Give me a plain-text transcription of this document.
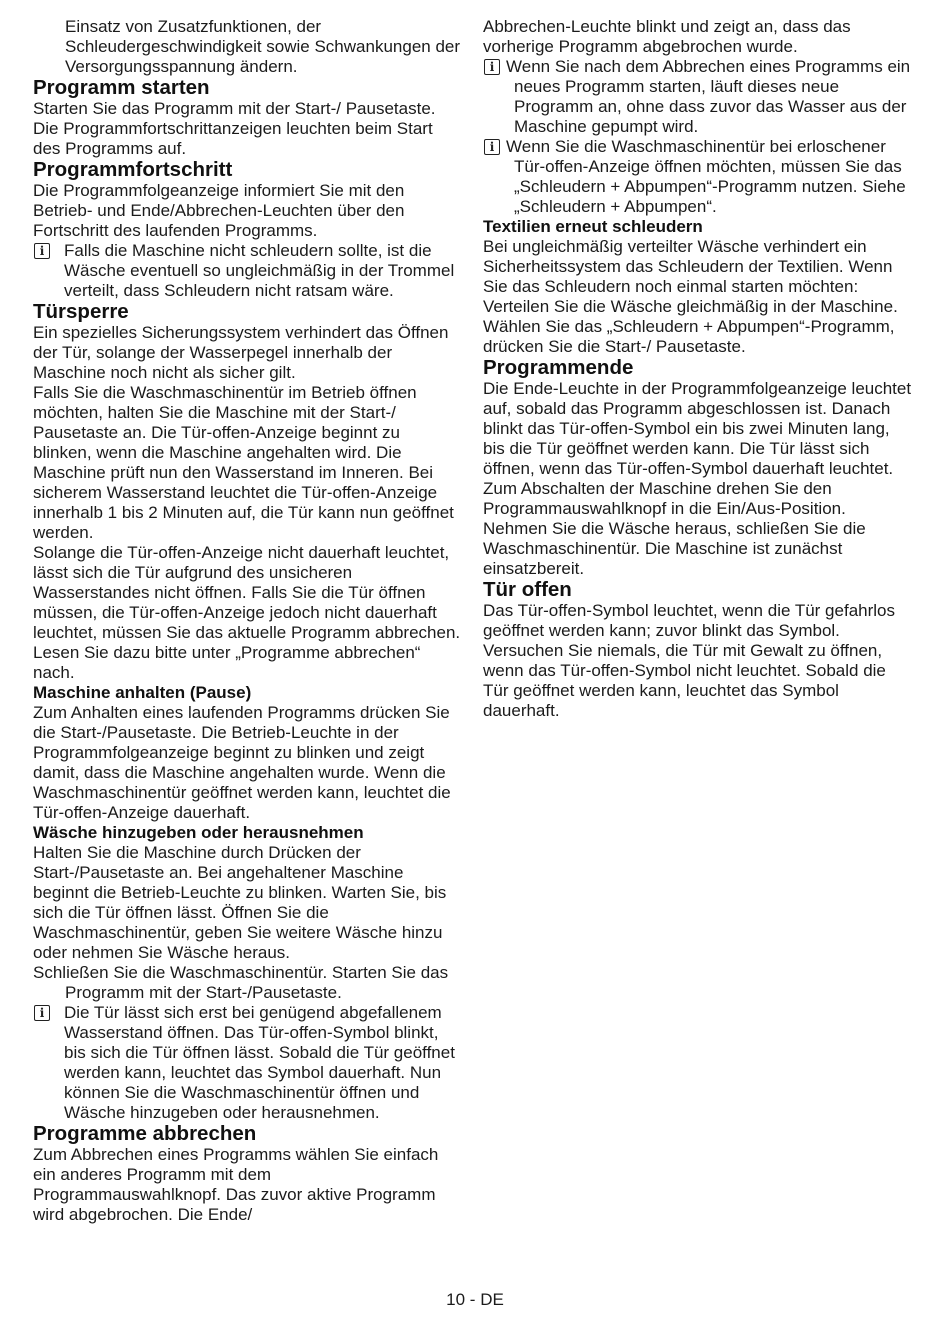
Einsatz von Zusatzfunktionen, der Schleudergeschwindigkeit sowie Schwankungen der Versorgungsspannung ändern.

Programm starten

Starten Sie das Programm mit der Start-/ Pausetaste. Die Programmfortschrittanzeigen leuchten beim Start des Programms auf.

Programmfortschritt

Die Programmfolgeanzeige informiert Sie mit den Betrieb- und Ende/Abbrechen-Leuchten über den Fortschritt des laufenden Programms.

i Falls die Maschine nicht schleudern sollte, ist die Wäsche eventuell so ungleichmäßig in der Trommel verteilt, dass Schleudern nicht ratsam wäre.

Türsperre

Ein spezielles Sicherungssystem verhindert das Öffnen der Tür, solange der Wasserpegel innerhalb der Maschine noch nicht als sicher gilt.

Falls Sie die Waschmaschinentür im Betrieb öffnen möchten, halten Sie die Maschine mit der Start-/ Pausetaste an. Die Tür-offen-Anzeige beginnt zu blinken, wenn die Maschine angehalten wird. Die Maschine prüft nun den Wasserstand im Inneren. Bei sicherem Wasserstand leuchtet die Tür-offen-Anzeige innerhalb 1 bis 2 Minuten auf, die Tür kann nun geöffnet werden.

Solange die Tür-offen-Anzeige nicht dauerhaft leuchtet, lässt sich die Tür aufgrund des unsicheren Wasserstandes nicht öffnen. Falls Sie die Tür öffnen müssen, die Tür-offen-Anzeige jedoch nicht dauerhaft leuchtet, müssen Sie das aktuelle Programm abbrechen. Lesen Sie dazu bitte unter „Programme abbrechen“ nach.

Maschine anhalten (Pause)

Zum Anhalten eines laufenden Programms drücken Sie die Start-/Pausetaste. Die Betrieb-Leuchte in der Programmfolgeanzeige beginnt zu blinken und zeigt damit, dass die Maschine angehalten wurde. Wenn die Waschmaschinentür geöffnet werden kann, leuchtet die Tür-offen-Anzeige dauerhaft.

Wäsche hinzugeben oder herausnehmen

Halten Sie die Maschine durch Drücken der Start-/Pausetaste an. Bei angehaltener Maschine beginnt die Betrieb-Leuchte zu blinken. Warten Sie, bis sich die Tür öffnen lässt. Öffnen Sie die Waschmaschinentür, geben Sie weitere Wäsche hinzu oder nehmen Sie Wäsche heraus.

Schließen Sie die Waschmaschinentür. Starten Sie das Programm mit der Start-/Pausetaste.

i Die Tür lässt sich erst bei genügend abgefallenem Wasserstand öffnen. Das Tür-offen-Symbol blinkt, bis sich die Tür öffnen lässt. Sobald die Tür geöffnet werden kann, leuchtet das Symbol dauerhaft. Nun können Sie die Waschmaschinentür öffnen und Wäsche hinzugeben oder herausnehmen.

Programme abbrechen

Zum Abbrechen eines Programms wählen Sie einfach ein anderes Programm mit dem Programmauswahlknopf. Das zuvor aktive Programm wird abgebrochen. Die Ende/

Abbrechen-Leuchte blinkt und zeigt an, dass das vorherige Programm abgebrochen wurde.

i Wenn Sie nach dem Abbrechen eines Programms ein neues Programm starten, läuft dieses neue Programm an, ohne dass zuvor das Wasser aus der Maschine gepumpt wird.

i Wenn Sie die Waschmaschinentür bei erloschener Tür-offen-Anzeige öffnen möchten, müssen Sie das „Schleudern + Abpumpen“-Programm nutzen. Siehe „Schleudern + Abpumpen“.

Textilien erneut schleudern

Bei ungleichmäßig verteilter Wäsche verhindert ein Sicherheitssystem das Schleudern der Textilien. Wenn Sie das Schleudern noch einmal starten möchten:

Verteilen Sie die Wäsche gleichmäßig in der Maschine. Wählen Sie das „Schleudern + Abpumpen“-Programm, drücken Sie die Start-/ Pausetaste.

Programmende

Die Ende-Leuchte in der Programmfolgeanzeige leuchtet auf, sobald das Programm abgeschlossen ist. Danach blinkt das Tür-offen-Symbol ein bis zwei Minuten lang, bis die Tür geöffnet werden kann. Die Tür lässt sich öffnen, wenn das Tür-offen-Symbol dauerhaft leuchtet.

Zum Abschalten der Maschine drehen Sie den Programmauswahlknopf in die Ein/Aus-Position. Nehmen Sie die Wäsche heraus, schließen Sie die Waschmaschinentür. Die Maschine ist zunächst einsatzbereit.

Tür offen

Das Tür-offen-Symbol leuchtet, wenn die Tür gefahrlos geöffnet werden kann; zuvor blinkt das Symbol. Versuchen Sie niemals, die Tür mit Gewalt zu öffnen, wenn das Tür-offen-Symbol nicht leuchtet. Sobald die Tür geöffnet werden kann, leuchtet das Symbol dauerhaft.

10 - DE
